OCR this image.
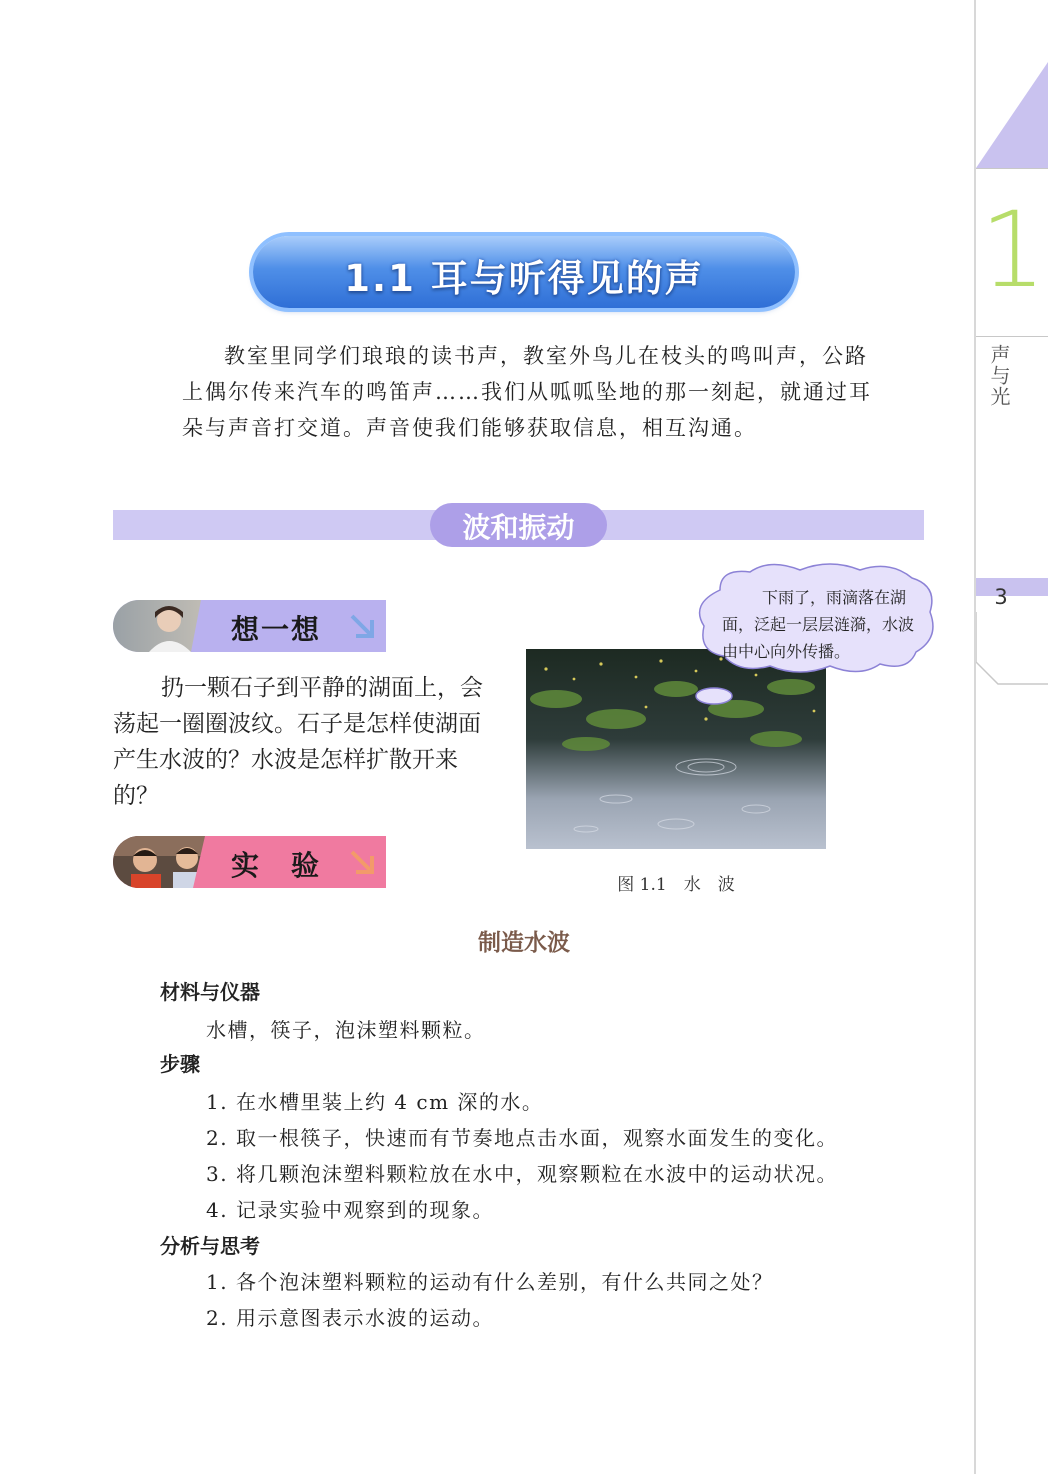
1
声与光
3
1.1 耳与听得见的声

教室里同学们琅琅的读书声，教室外鸟儿在枝头的鸣叫声，公路上偶尔传来汽车的鸣笛声……我们从呱呱坠地的那一刻起，就通过耳朵与声音打交道。声音使我们能够获取信息，相互沟通。

波和振动
想一想

扔一颗石子到平静的湖面上，会荡起一圈圈波纹。石子是怎样使湖面产生水波的？水波是怎样扩散开来的？

实　验

下雨了，雨滴落在湖面，泛起一层层涟漪，水波由中心向外传播。

图 1.1　水　波
制造水波
材料与仪器
水槽，筷子，泡沫塑料颗粒。
步骤
1. 在水槽里装上约 4 cm 深的水。
2. 取一根筷子，快速而有节奏地点击水面，观察水面发生的变化。
3. 将几颗泡沫塑料颗粒放在水中，观察颗粒在水波中的运动状况。
4. 记录实验中观察到的现象。
分析与思考
1. 各个泡沫塑料颗粒的运动有什么差别，有什么共同之处？
2. 用示意图表示水波的运动。
